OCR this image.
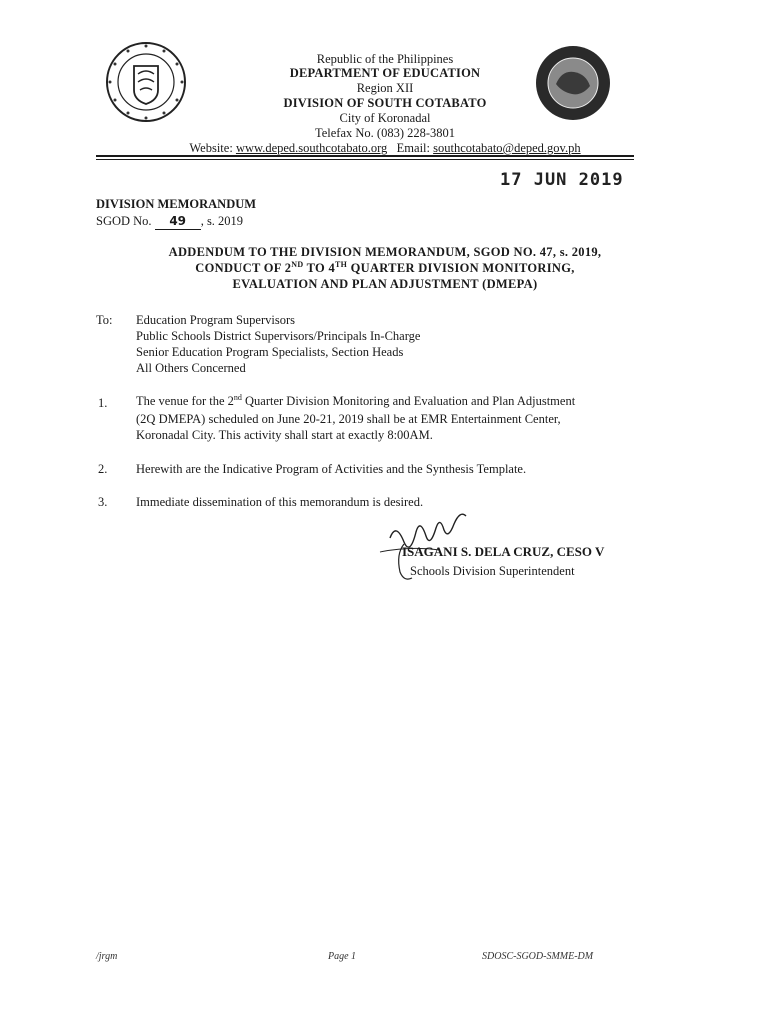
Republic of the Philippines
DEPARTMENT OF EDUCATION
Region XII
DIVISION OF SOUTH COTABATO
City of Koronadal
Telefax No. (083) 228-3801
Website: www.deped.southcotabato.org Email: southcotabato@deped.gov.ph
17 JUN 2019
DIVISION MEMORANDUM
SGOD No. 49 , s. 2019
ADDENDUM TO THE DIVISION MEMORANDUM, SGOD NO. 47, s. 2019,
CONDUCT OF 2ND TO 4TH QUARTER DIVISION MONITORING,
EVALUATION AND PLAN ADJUSTMENT (DMEPA)
To: Education Program Supervisors
Public Schools District Supervisors/Principals In-Charge
Senior Education Program Specialists, Section Heads
All Others Concerned
1. The venue for the 2nd Quarter Division Monitoring and Evaluation and Plan Adjustment
(2Q DMEPA) scheduled on June 20-21, 2019 shall be at EMR Entertainment Center,
Koronadal City. This activity shall start at exactly 8:00AM.
2. Herewith are the Indicative Program of Activities and the Synthesis Template.
3. Immediate dissemination of this memorandum is desired.
ISAGANI S. DELA CRUZ, CESO V
Schools Division Superintendent
/jrgm	Page 1	SDOSC-SGOD-SMME-DM
